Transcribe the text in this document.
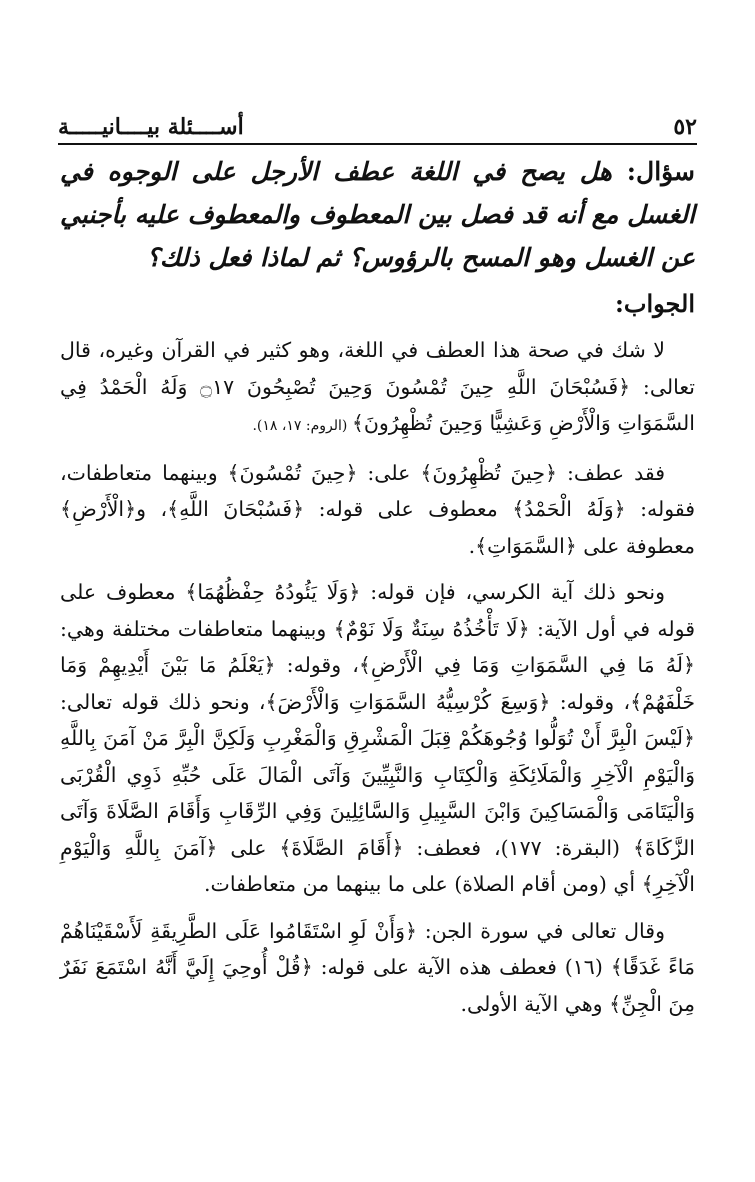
٥٢
أســــئلة بيــــانيـــــة

سؤال: هل يصح في اللغة عطف الأرجل على الوجوه في الغسل مع أنه قد فصل بين المعطوف والمعطوف عليه بأجنبي عن الغسل وهو المسح بالرؤوس؟ ثم لماذا فعل ذلك؟

الجواب:

لا شك في صحة هذا العطف في اللغة، وهو كثير في القرآن وغيره، قال تعالى: ﴿فَسُبْحَانَ اللَّهِ حِينَ تُمْسُونَ وَحِينَ تُصْبِحُونَ ۝١٧ وَلَهُ الْحَمْدُ فِي السَّمَوَاتِ وَالْأَرْضِ وَعَشِيًّا وَحِينَ تُظْهِرُونَ﴾ (الروم: ١٧، ١٨).

فقد عطف: ﴿حِينَ تُظْهِرُونَ﴾ على: ﴿حِينَ تُمْسُونَ﴾ وبينهما متعاطفات، فقوله: ﴿وَلَهُ الْحَمْدُ﴾ معطوف على قوله: ﴿فَسُبْحَانَ اللَّهِ﴾، و﴿الْأَرْضِ﴾ معطوفة على ﴿السَّمَوَاتِ﴾.

ونحو ذلك آية الكرسي، فإن قوله: ﴿وَلَا يَئُودُهُ حِفْظُهُمَا﴾ معطوف على قوله في أول الآية: ﴿لَا تَأْخُذُهُ سِنَةٌ وَلَا نَوْمٌ﴾ وبينهما متعاطفات مختلفة وهي: ﴿لَهُ مَا فِي السَّمَوَاتِ وَمَا فِي الْأَرْضِ﴾، وقوله: ﴿يَعْلَمُ مَا بَيْنَ أَيْدِيهِمْ وَمَا خَلْفَهُمْ﴾، وقوله: ﴿وَسِعَ كُرْسِيُّهُ السَّمَوَاتِ وَالْأَرْضَ﴾، ونحو ذلك قوله تعالى: ﴿لَيْسَ الْبِرَّ أَنْ تُوَلُّوا وُجُوهَكُمْ قِبَلَ الْمَشْرِقِ وَالْمَغْرِبِ وَلَكِنَّ الْبِرَّ مَنْ آمَنَ بِاللَّهِ وَالْيَوْمِ الْآخِرِ وَالْمَلَائِكَةِ وَالْكِتَابِ وَالنَّبِيِّينَ وَآتَى الْمَالَ عَلَى حُبِّهِ ذَوِي الْقُرْبَى وَالْيَتَامَى وَالْمَسَاكِينَ وَابْنَ السَّبِيلِ وَالسَّائِلِينَ وَفِي الرِّقَابِ وَأَقَامَ الصَّلَاةَ وَآتَى الزَّكَاةَ﴾ (البقرة: ١٧٧)، فعطف: ﴿أَقَامَ الصَّلَاةَ﴾ على ﴿آمَنَ بِاللَّهِ وَالْيَوْمِ الْآخِرِ﴾ أي (ومن أقام الصلاة) على ما بينهما من متعاطفات.

وقال تعالى في سورة الجن: ﴿وَأَنْ لَوِ اسْتَقَامُوا عَلَى الطَّرِيقَةِ لَأَسْقَيْنَاهُمْ مَاءً غَدَقًا﴾ (١٦) فعطف هذه الآية على قوله: ﴿قُلْ أُوحِيَ إِلَيَّ أَنَّهُ اسْتَمَعَ نَفَرٌ مِنَ الْجِنِّ﴾ وهي الآية الأولى.
